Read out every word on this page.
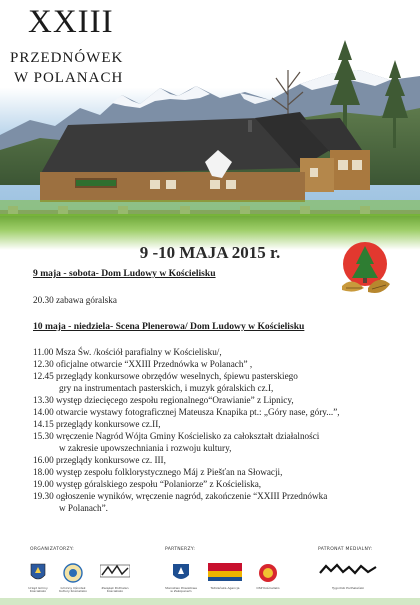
XXIII
PRZEDNÓWEK
W POLANACH
9 -10 MAJA 2015 r.
9 maja - sobota- Dom Ludowy w Kościelisku
20.30 zabawa góralska
10 maja - niedziela- Scena Plenerowa/ Dom Ludowy w Kościelisku
11.00 Msza Św. /kościół parafialny w Kościelisku/,
12.30 oficjalne otwarcie “XXIII Przednówka w Polanach” ,
12.45 przeglądy konkursowe obrzędów weselnych, śpiewu pasterskiego
gry na instrumentach pasterskich, i muzyk góralskich cz.I,
13.30 występ dziecięcego zespołu regionalnego“Orawianie” z Lipnicy,
14.00 otwarcie wystawy fotograficznej Mateusza Knapika pt.: „Góry nase, góry...”,
14.15 przeglądy konkursowe cz.II,
15.30 wręczenie Nagród Wójta Gminy Kościelisko za całokształt działalności
w zakresie upowszechniania i rozwoju kultury,
16.00 przeglądy konkursowe cz. III,
18.00 występ zespołu folklorystycznego Máj z Piešťan na Słowacji,
19.00 występ góralskiego zespołu “Polaniorze” z Kościeliska,
19.30 ogłoszenie wyników, wręczenie nagród, zakończenie “XXIII Przednówka
w Polanach”.
ORGANIZATORZY:	PARTNERZY:	PATRONAT MEDIALNY:
Urząd Gminy Kościelisko
Gminny Ośrodek Kultury Kościelisko
Związek Podhalan Kościelisko
Starostwo Powiatowe w Zakopanem
Tatrzańska Agencja	OSP Kościelisko	Tygodnik Podhalański
